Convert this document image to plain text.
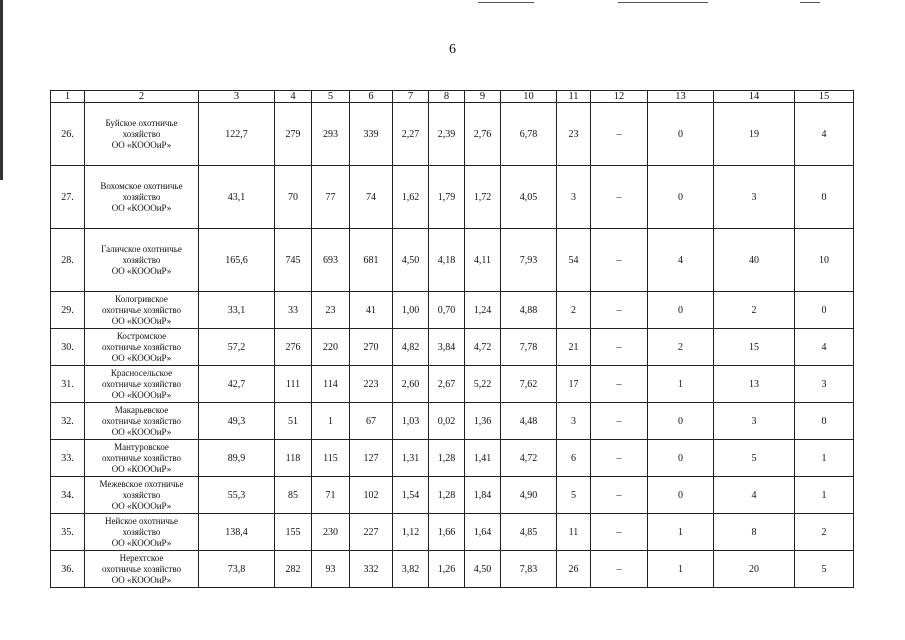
6
1	2	3	4	5	6	7	8	9	10	11	12	13	14	15
26.	Буйское охотничье
хозяйство
ОО «КОООиР»	122,7	279	293	339	2,27	2,39	2,76	6,78	23	–	0	19	4
27.	Вохомское охотничье
хозяйство
ОО «КОООиР»	43,1	70	77	74	1,62	1,79	1,72	4,05	3	–	0	3	0
28.	Галичское охотничье
хозяйство
ОО «КОООиР»	165,6	745	693	681	4,50	4,18	4,11	7,93	54	–	4	40	10
29.	Кологривское
охотничье хозяйство
ОО «КОООиР»	33,1	33	23	41	1,00	0,70	1,24	4,88	2	–	0	2	0
30.	Костромское
охотничье хозяйство
ОО «КОООиР»	57,2	276	220	270	4,82	3,84	4,72	7,78	21	–	2	15	4
31.	Красносельское
охотничье хозяйство
ОО «КОООиР»	42,7	111	114	223	2,60	2,67	5,22	7,62	17	–	1	13	3
32.	Макарьевское
охотничье хозяйство
ОО «КОООиР»	49,3	51	1	67	1,03	0,02	1,36	4,48	3	–	0	3	0
33.	Мантуровское
охотничье хозяйство
ОО «КОООиР»	89,9	118	115	127	1,31	1,28	1,41	4,72	6	–	0	5	1
34.	Межевское охотничье
хозяйство
ОО «КОООиР»	55,3	85	71	102	1,54	1,28	1,84	4,90	5	–	0	4	1
35.	Нейское охотничье
хозяйство
ОО «КОООиР»	138,4	155	230	227	1,12	1,66	1,64	4,85	11	–	1	8	2
36.	Нерехтское
охотничье хозяйство
ОО «КОООиР»	73,8	282	93	332	3,82	1,26	4,50	7,83	26	–	1	20	5
